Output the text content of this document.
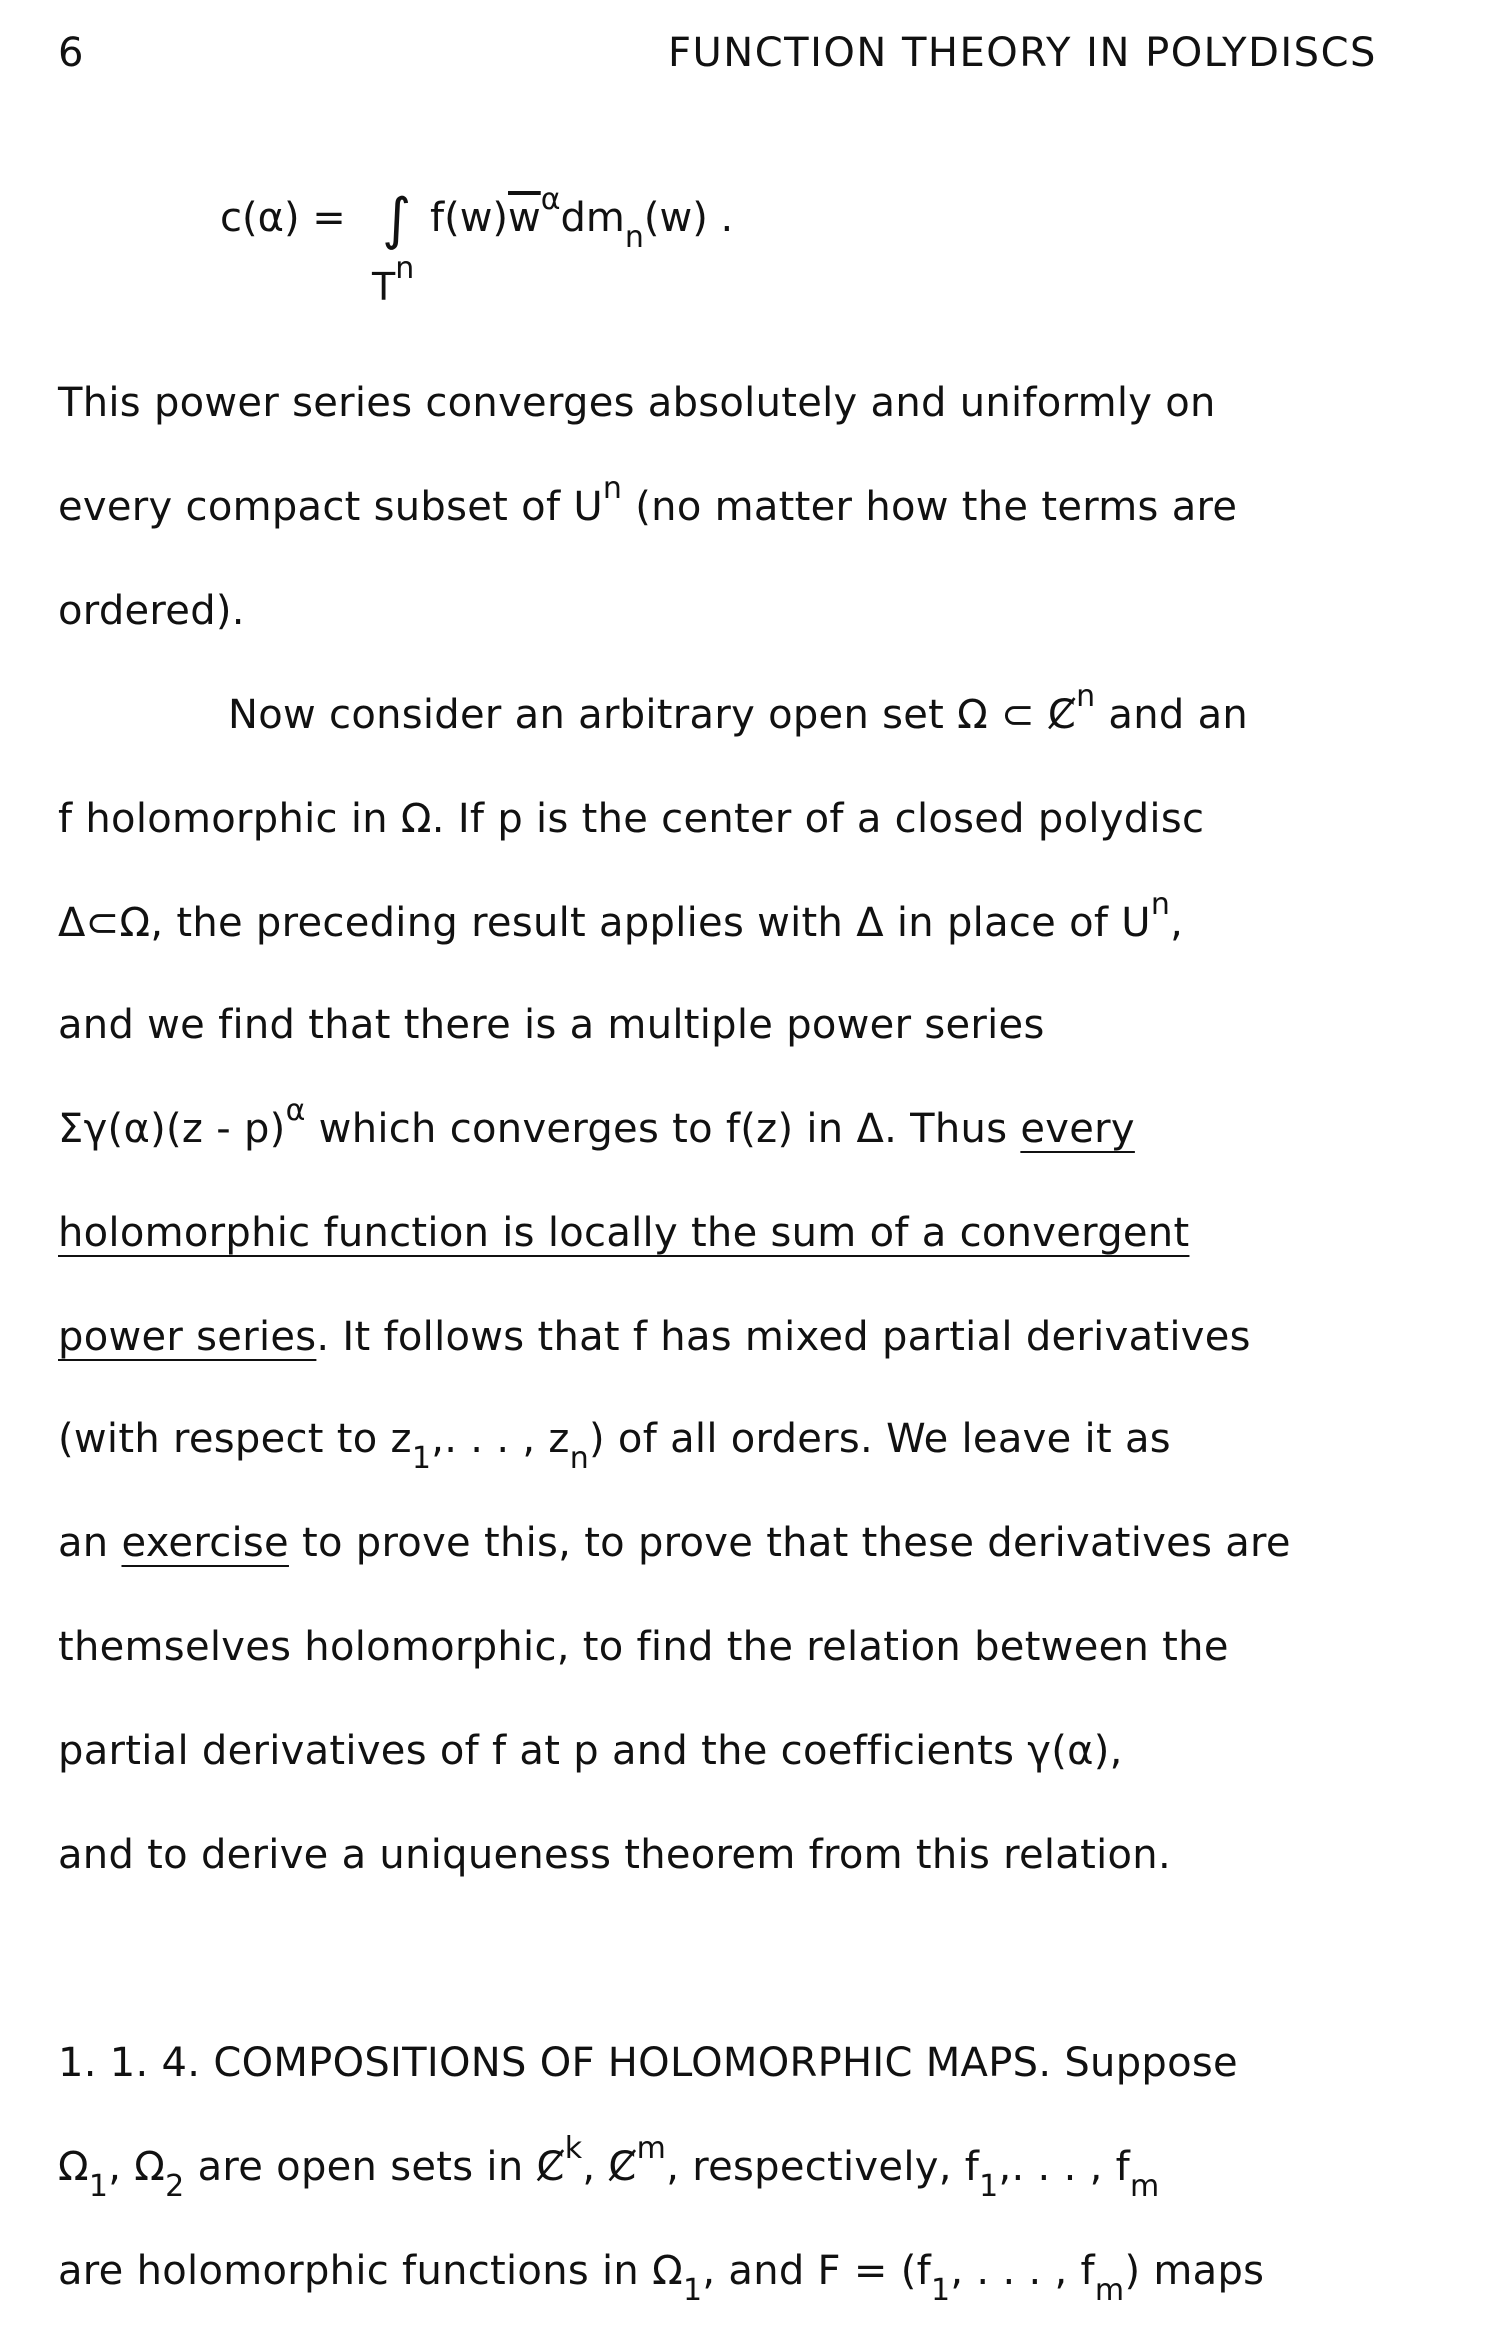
6	FUNCTION THEORY IN POLYDISCS
c(α) = ∫ $f(w)\overline{w}^\alpha dm_n(w)$ .
$T^n$
This power series converges absolutely and uniformly on
every compact subset of $U^n$ (no matter how the terms are
ordered).
Now consider an arbitrary open set Ω ⊂ $Ȼ^n$ and an
f holomorphic in Ω. If p is the center of a closed polydisc
Δ⊂Ω, the preceding result applies with Δ in place of $U^n$,
and we find that there is a multiple power series
Σγ(α)(z - p)$^\alpha$ which converges to f(z) in Δ. Thus every
holomorphic function is locally the sum of a convergent
power series. It follows that f has mixed partial derivatives
(with respect to $z_1$,. . . , $z_n$) of all orders. We leave it as
an exercise to prove this, to prove that these derivatives are
themselves holomorphic, to find the relation between the
partial derivatives of f at p and the coefficients γ(α),
and to derive a uniqueness theorem from this relation.
1. 1. 4. COMPOSITIONS OF HOLOMORPHIC MAPS. Suppose
$\Omega_1$, $\Omega_2$ are open sets in $Ȼ^k$, $Ȼ^m$, respectively, $f_1$,. . . , $f_m$
are holomorphic functions in $\Omega_1$, and $F = (f_1$, . . . , $f_m$) maps
